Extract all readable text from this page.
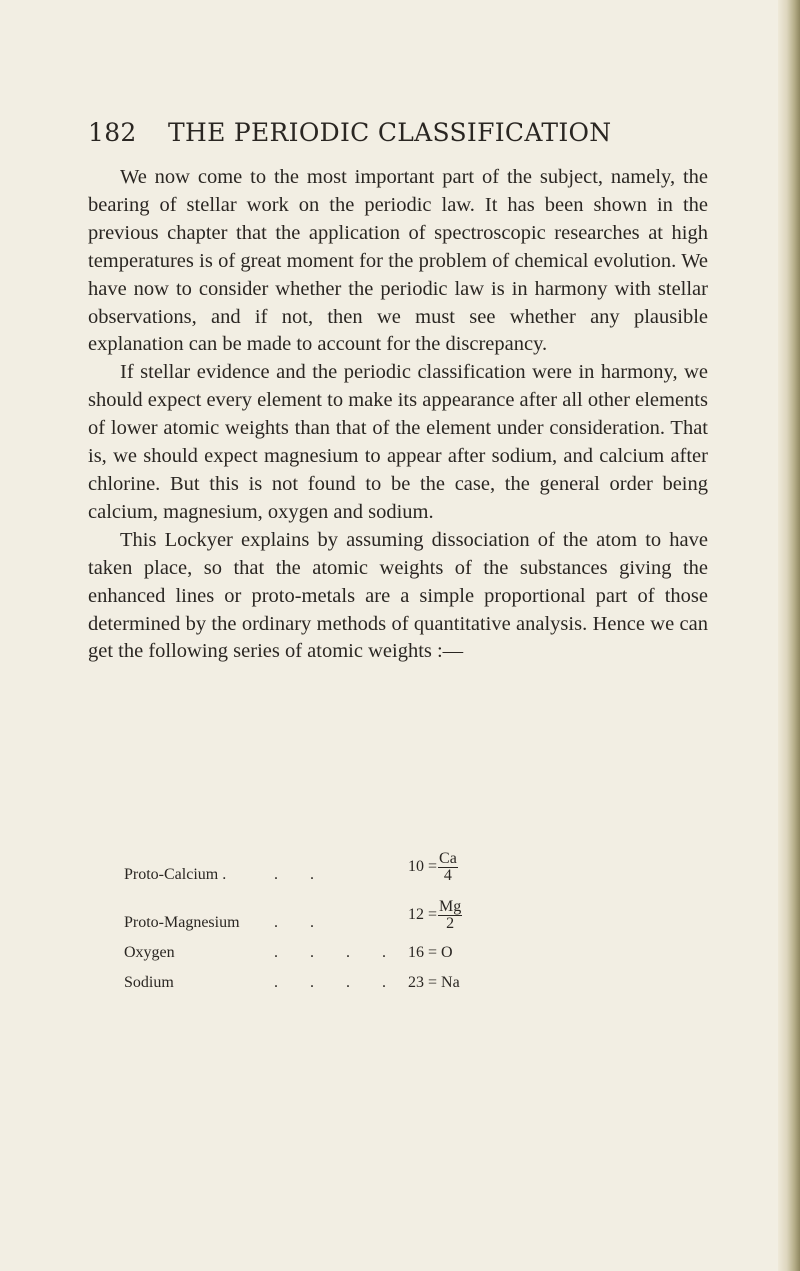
182 THE PERIODIC CLASSIFICATION

We now come to the most important part of the subject, namely, the bearing of stellar work on the periodic law. It has been shown in the previous chapter that the application of spectroscopic researches at high temperatures is of great moment for the problem of chemical evolution. We have now to consider whether the periodic law is in harmony with stellar observations, and if not, then we must see whether any plausible explanation can be made to account for the discrepancy.

If stellar evidence and the periodic classification were in harmony, we should expect every element to make its appearance after all other elements of lower atomic weights than that of the element under consideration. That is, we should expect magnesium to appear after sodium, and calcium after chlorine. But this is not found to be the case, the general order being calcium, magnesium, oxygen and sodium.

This Lockyer explains by assuming dissociation of the atom to have taken place, so that the atomic weights of the substances giving the enhanced lines or proto-metals are a simple proportional part of those determined by the ordinary methods of quantitative analysis. Hence we can get the following series of atomic weights :—

Proto-Calcium .	. .	$10 = \frac{Ca}{4}$
Proto-Magnesium	. .	$12 = \frac{Mg}{2}$
Oxygen	. . . . 16 = O
Sodium	. . . . 23 = Na
